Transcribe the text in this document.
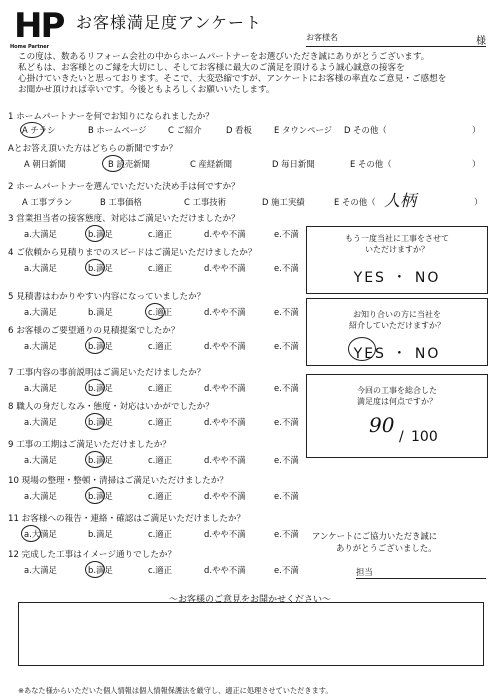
HP
Home Partner
お客様満足度アンケート
お客様名	様
この度は、数あるリフォーム会社の中からホームパートナーをお選びいただき誠にありがとうございます。
私どもは、お客様とのご縁を大切にし、そしてお客様に最大のご満足を頂けるよう誠心誠意の接客を
心掛けていきたいと思っております。そこで、大変恐縮ですが、アンケートにお客様の率直なご意見・ご感想を
お聞かせ頂ければ幸いです。今後ともよろしくお願いいたします。
1 ホームパートナーを何でお知りになられましたか？
A チラシ	B ホームページ	C ご紹介	D 看板	E タウンページ D その他（	）
Aとお答え頂いた方はどちらの新聞ですか？
A 朝日新聞	B 読売新聞	C 産経新聞	D 毎日新聞	E その他（	）
2 ホームパートナーを選んでいただいた決め手は何ですか？
A 工事プラン	B 工事価格	C 工事技術	D 施工実績	E その他（	）
人柄
3 営業担当者の接客態度、対応はご満足いただけましたか？
a.大満足	b.満足	c.適正	d.やや不満	e.不満
4 ご依頼から見積りまでのスピードはご満足いただけましたか？
a.大満足	b.満足	c.適正	d.やや不満	e.不満
5 見積書はわかりやすい内容になっていましたか？
a.大満足	b.満足	c.適正	d.やや不満	e.不満
6 お客様のご要望通りの見積提案でしたか？
a.大満足	b.満足	c.適正	d.やや不満	e.不満
7 工事内容の事前説明はご満足いただけましたか？
a.大満足	b.満足	c.適正	d.やや不満	e.不満
8 職人の身だしなみ・態度・対応はいかがでしたか？
a.大満足	b.満足	c.適正	d.やや不満	e.不満
9 工事の工期はご満足いただけましたか？
a.大満足	b.満足	c.適正	d.やや不満	e.不満
10 現場の整理・整頓・清掃はご満足いただけましたか？
a.大満足	b.満足	c.適正	d.やや不満	e.不満
11 お客様への報告・連絡・確認はご満足いただけましたか？
a.大満足	b.満足	c.適正	d.やや不満	e.不満
12 完成した工事はイメージ通りでしたか？
a.大満足	b.満足	c.適正	d.やや不満	e.不満
もう一度当社に工事をさせて
いただけますか？
YES ・ NO
お知り合いの方に当社を
紹介していただけますか？
YES ・ NO
今回の工事を総合した
満足度は何点ですか？
90 / 100
アンケートにご協力いただき誠に
ありがとうございました。
担当
～お客様のご意見をお聞かせください～
※あなた様からいただいた個人情報は個人情報保護法を厳守し、適正に処理させていただきます。
